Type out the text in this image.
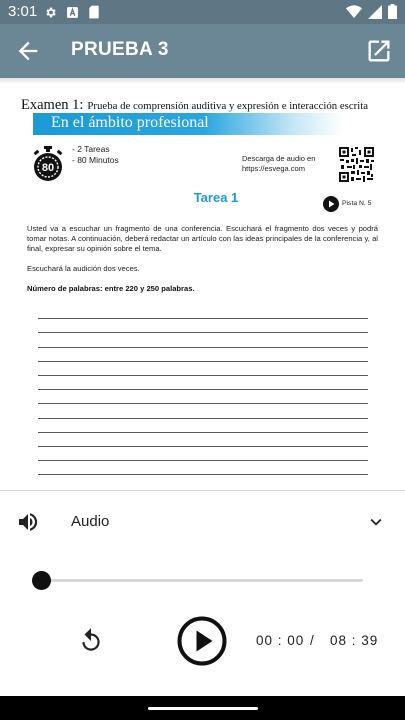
3:01
PRUEBA 3
Examen 1: Prueba de comprensión auditiva y expresión e interacción escrita
En el ámbito profesional
80
- 2 Tareas
- 80 Minutos	Descarga de audio en
https://esvega.com
Tarea 1	Pista N. 5

Usted va a escuchar un fragmento de una conferencia. Escuchará el fragmento dos veces y podrá tomar notas. A continuación, deberá redactar un artículo con las ideas principales de la conferencia y, al final, expresar su opinión sobre el tema.

Escuchará la audición dos veces.

Número de palabras: entre 220 y 250 palabras.

Audio
00 : 00 / 08 : 39
